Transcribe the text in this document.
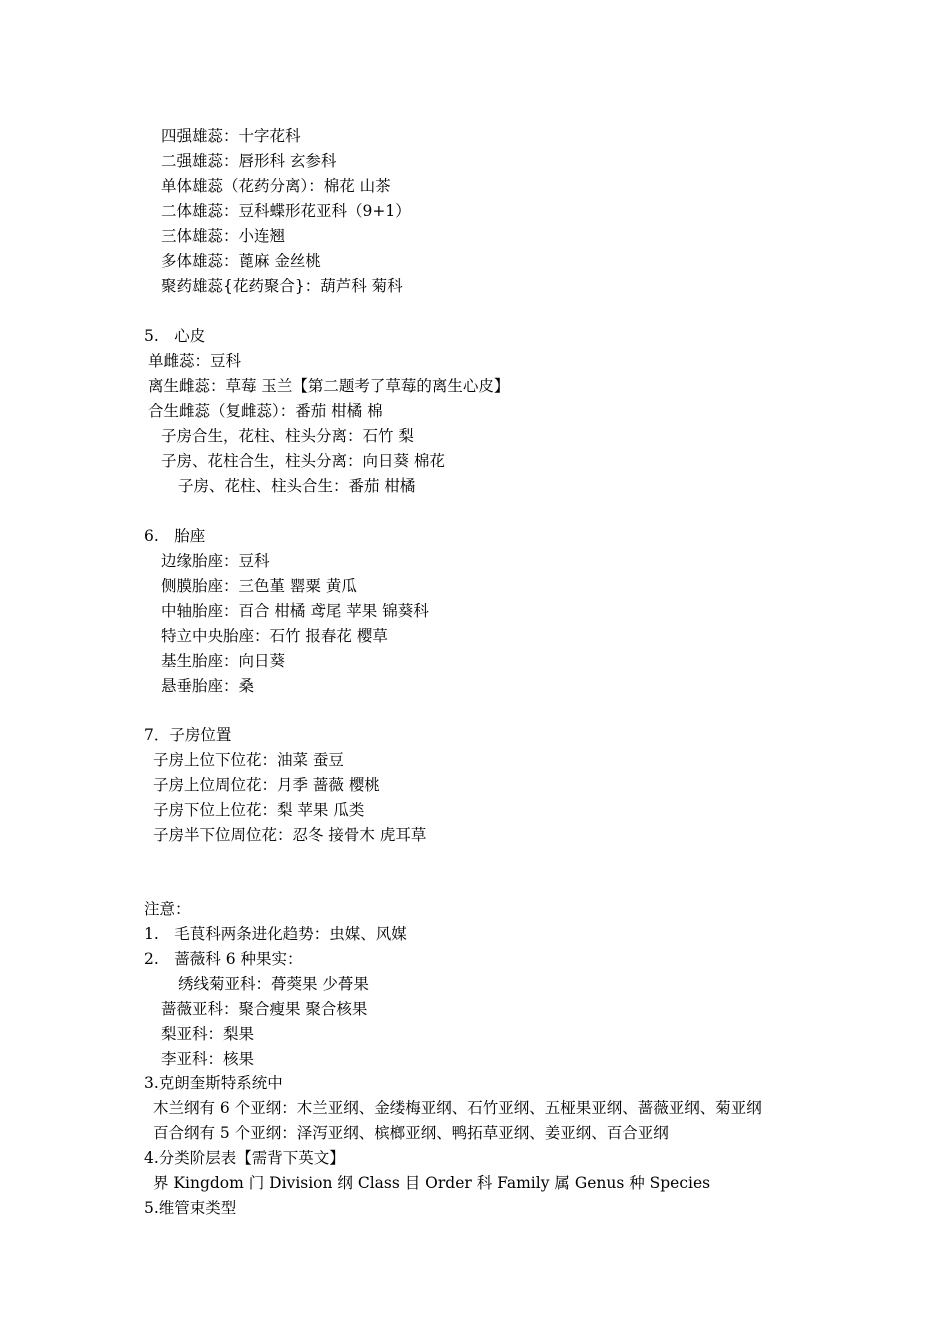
四强雄蕊：十字花科
二强雄蕊：唇形科 玄参科
单体雄蕊（花药分离）：棉花 山茶
二体雄蕊：豆科蝶形花亚科（9+1）
三体雄蕊：小连翘
多体雄蕊：蓖麻 金丝桃
聚药雄蕊{花药聚合}：葫芦科 菊科
5.　心皮
单雌蕊：豆科
离生雌蕊：草莓 玉兰【第二题考了草莓的离生心皮】
合生雌蕊（复雌蕊）：番茄 柑橘 棉
子房合生，花柱、柱头分离：石竹 梨
子房、花柱合生，柱头分离：向日葵 棉花
子房、花柱、柱头合生：番茄 柑橘
6.　胎座
边缘胎座：豆科
侧膜胎座：三色堇 罂粟 黄瓜
中轴胎座：百合 柑橘 鸢尾 苹果 锦葵科
特立中央胎座：石竹 报春花 樱草
基生胎座：向日葵
悬垂胎座：桑
7．子房位置
子房上位下位花：油菜 蚕豆
子房上位周位花：月季 蔷薇 樱桃
子房下位上位花：梨 苹果 瓜类
子房半下位周位花：忍冬 接骨木 虎耳草
注意：
1.　毛茛科两条进化趋势：虫媒、风媒
2.　蔷薇科 6 种果实：
绣线菊亚科：蓇葖果 少蓇果
蔷薇亚科：聚合瘦果 聚合核果
梨亚科：梨果
李亚科：核果
3.克朗奎斯特系统中
木兰纲有 6 个亚纲：木兰亚纲、金缕梅亚纲、石竹亚纲、五桠果亚纲、蔷薇亚纲、菊亚纲
百合纲有 5 个亚纲：泽泻亚纲、槟榔亚纲、鸭拓草亚纲、姜亚纲、百合亚纲
4.分类阶层表【需背下英文】
界 Kingdom 门 Division 纲 Class 目 Order 科 Family 属 Genus 种 Species
5.维管束类型
